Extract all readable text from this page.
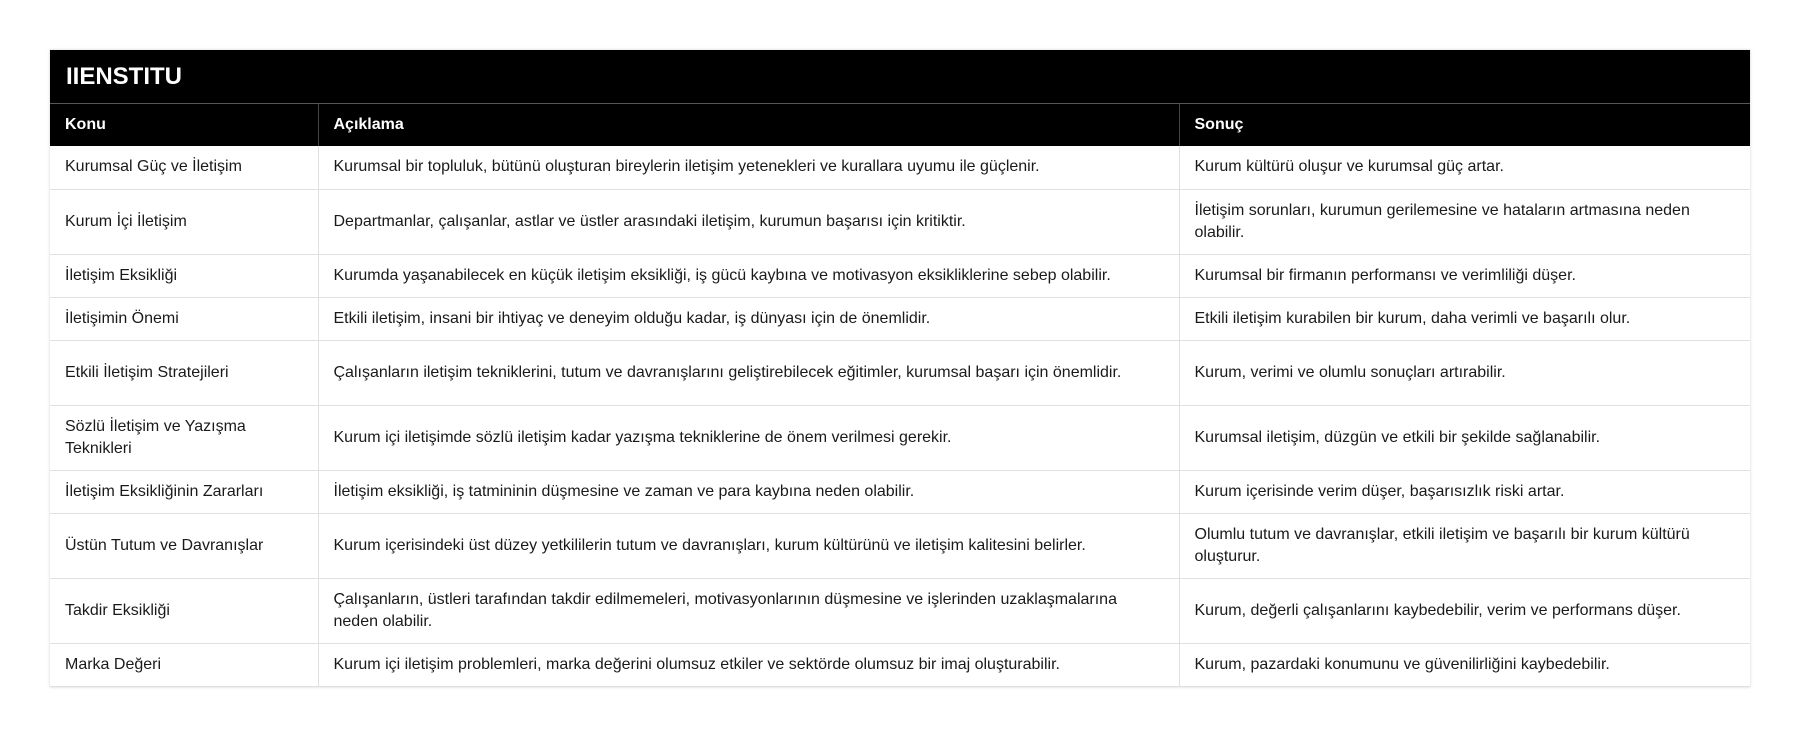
IIENSTITU
Konu	Açıklama	Sonuç
Kurumsal Güç ve İletişim	Kurumsal bir topluluk, bütünü oluşturan bireylerin iletişim yetenekleri ve kurallara uyumu ile güçlenir.	Kurum kültürü oluşur ve kurumsal güç artar.
Kurum İçi İletişim	Departmanlar, çalışanlar, astlar ve üstler arasındaki iletişim, kurumun başarısı için kritiktir.	İletişim sorunları, kurumun gerilemesine ve hataların artmasına neden olabilir.
İletişim Eksikliği	Kurumda yaşanabilecek en küçük iletişim eksikliği, iş gücü kaybına ve motivasyon eksikliklerine sebep olabilir.	Kurumsal bir firmanın performansı ve verimliliği düşer.
İletişimin Önemi	Etkili iletişim, insani bir ihtiyaç ve deneyim olduğu kadar, iş dünyası için de önemlidir.	Etkili iletişim kurabilen bir kurum, daha verimli ve başarılı olur.
Etkili İletişim Stratejileri	Çalışanların iletişim tekniklerini, tutum ve davranışlarını geliştirebilecek eğitimler, kurumsal başarı için önemlidir.	Kurum, verimi ve olumlu sonuçları artırabilir.
Sözlü İletişim ve Yazışma Teknikleri	Kurum içi iletişimde sözlü iletişim kadar yazışma tekniklerine de önem verilmesi gerekir.	Kurumsal iletişim, düzgün ve etkili bir şekilde sağlanabilir.
İletişim Eksikliğinin Zararları	İletişim eksikliği, iş tatmininin düşmesine ve zaman ve para kaybına neden olabilir.	Kurum içerisinde verim düşer, başarısızlık riski artar.
Üstün Tutum ve Davranışlar	Kurum içerisindeki üst düzey yetkililerin tutum ve davranışları, kurum kültürünü ve iletişim kalitesini belirler.	Olumlu tutum ve davranışlar, etkili iletişim ve başarılı bir kurum kültürü oluşturur.
Takdir Eksikliği	Çalışanların, üstleri tarafından takdir edilmemeleri, motivasyonlarının düşmesine ve işlerinden uzaklaşmalarına neden olabilir.	Kurum, değerli çalışanlarını kaybedebilir, verim ve performans düşer.
Marka Değeri	Kurum içi iletişim problemleri, marka değerini olumsuz etkiler ve sektörde olumsuz bir imaj oluşturabilir.	Kurum, pazardaki konumunu ve güvenilirliğini kaybedebilir.
